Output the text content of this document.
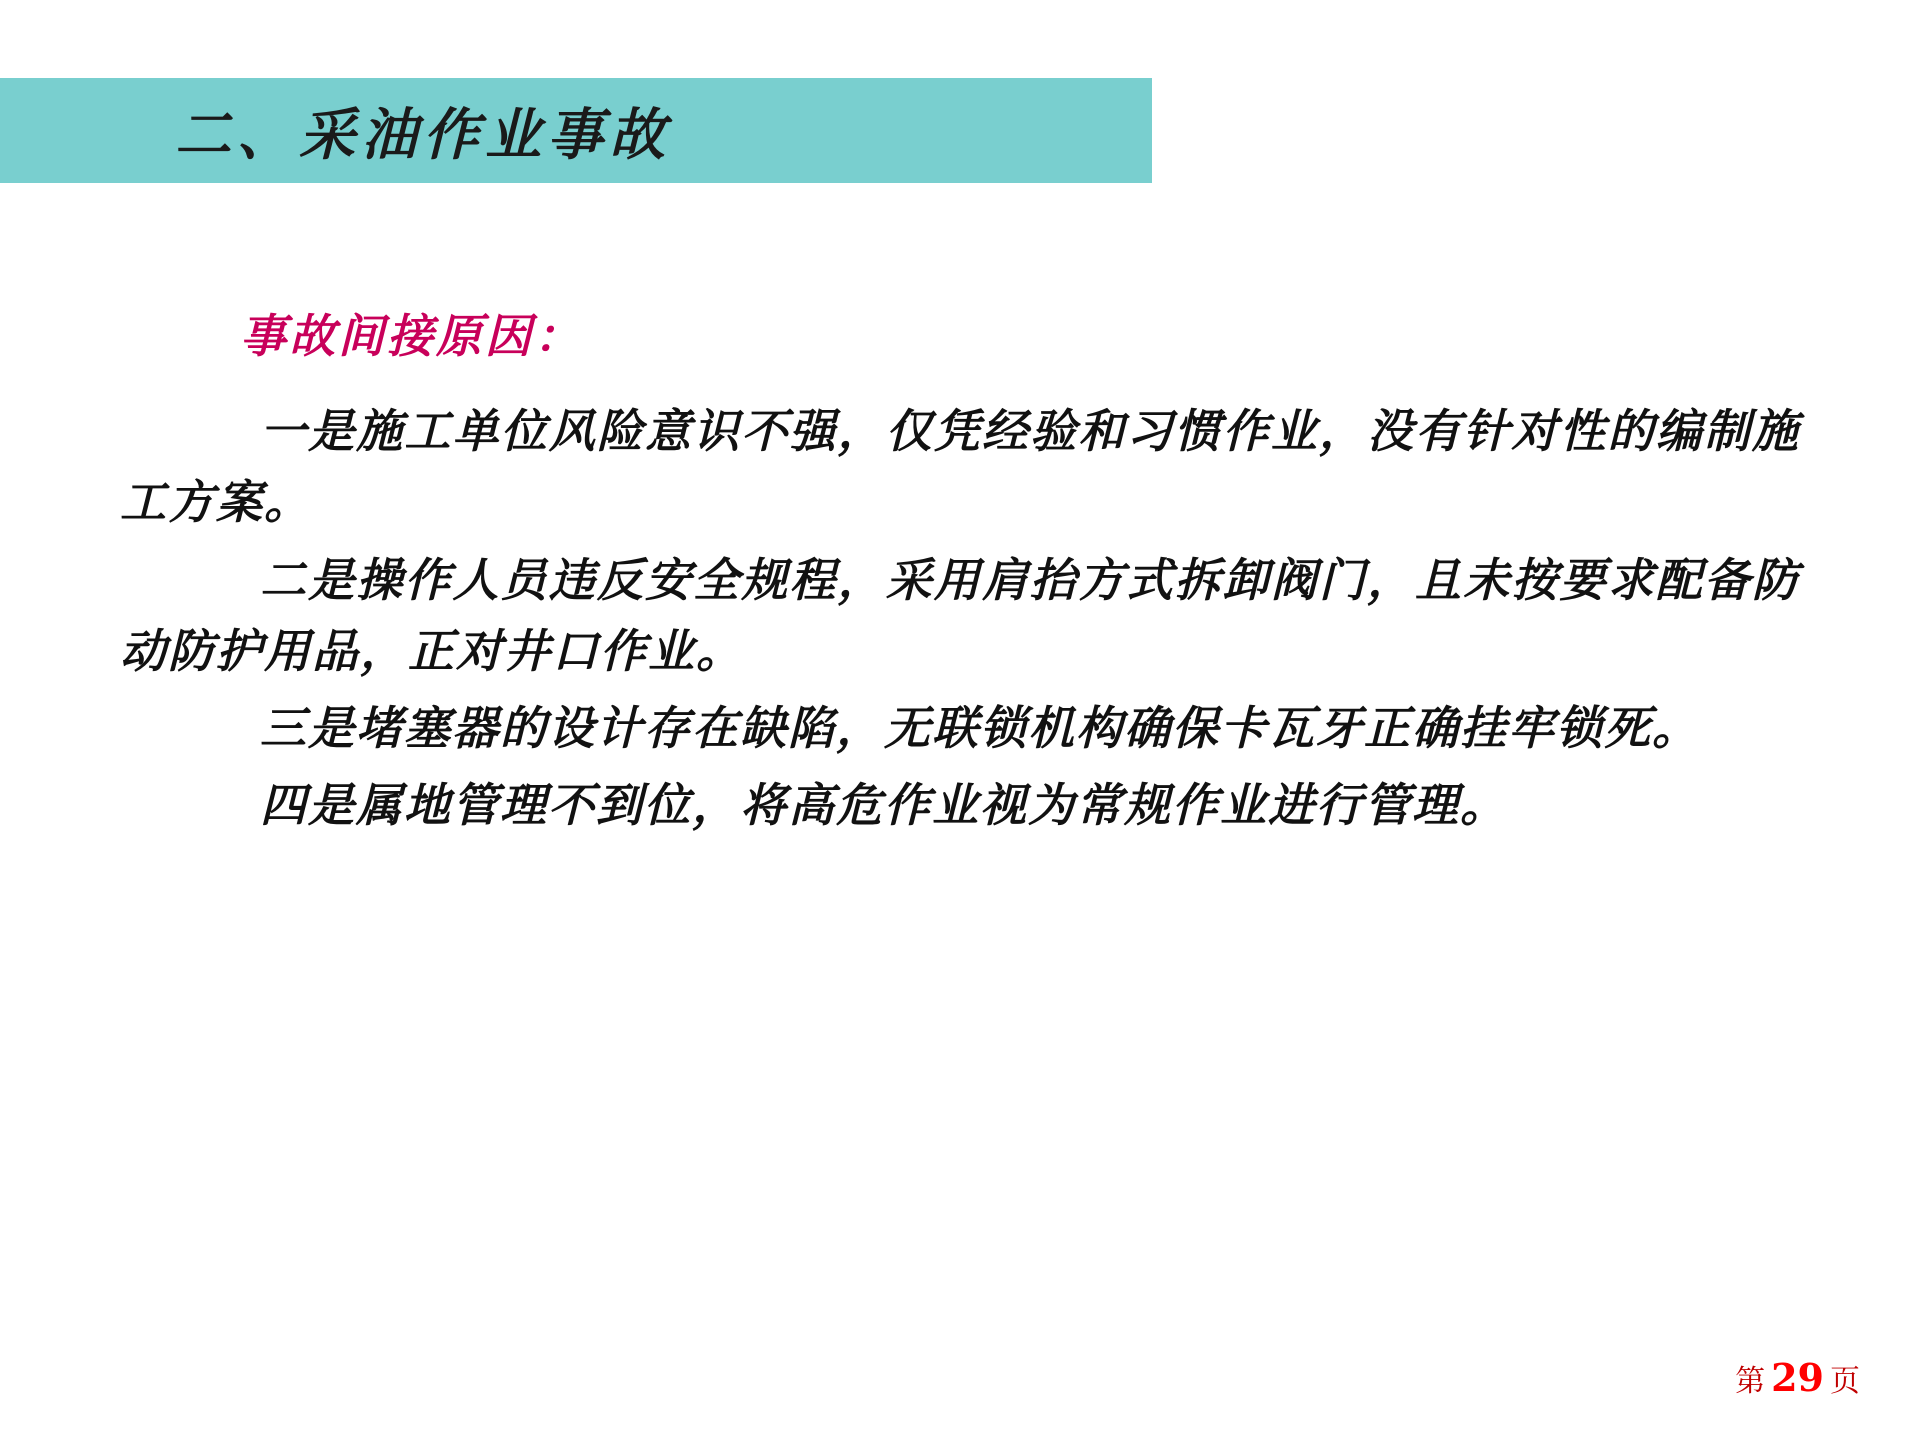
二、采油作业事故
事故间接原因：

一是施工单位风险意识不强，仅凭经验和习惯作业，没有针对性的编制施工方案。

二是操作人员违反安全规程，采用肩抬方式拆卸阀门，且未按要求配备防动防护用品，正对井口作业。

三是堵塞器的设计存在缺陷，无联锁机构确保卡瓦牙正确挂牢锁死。

四是属地管理不到位，将高危作业视为常规作业进行管理。

第 29 页
